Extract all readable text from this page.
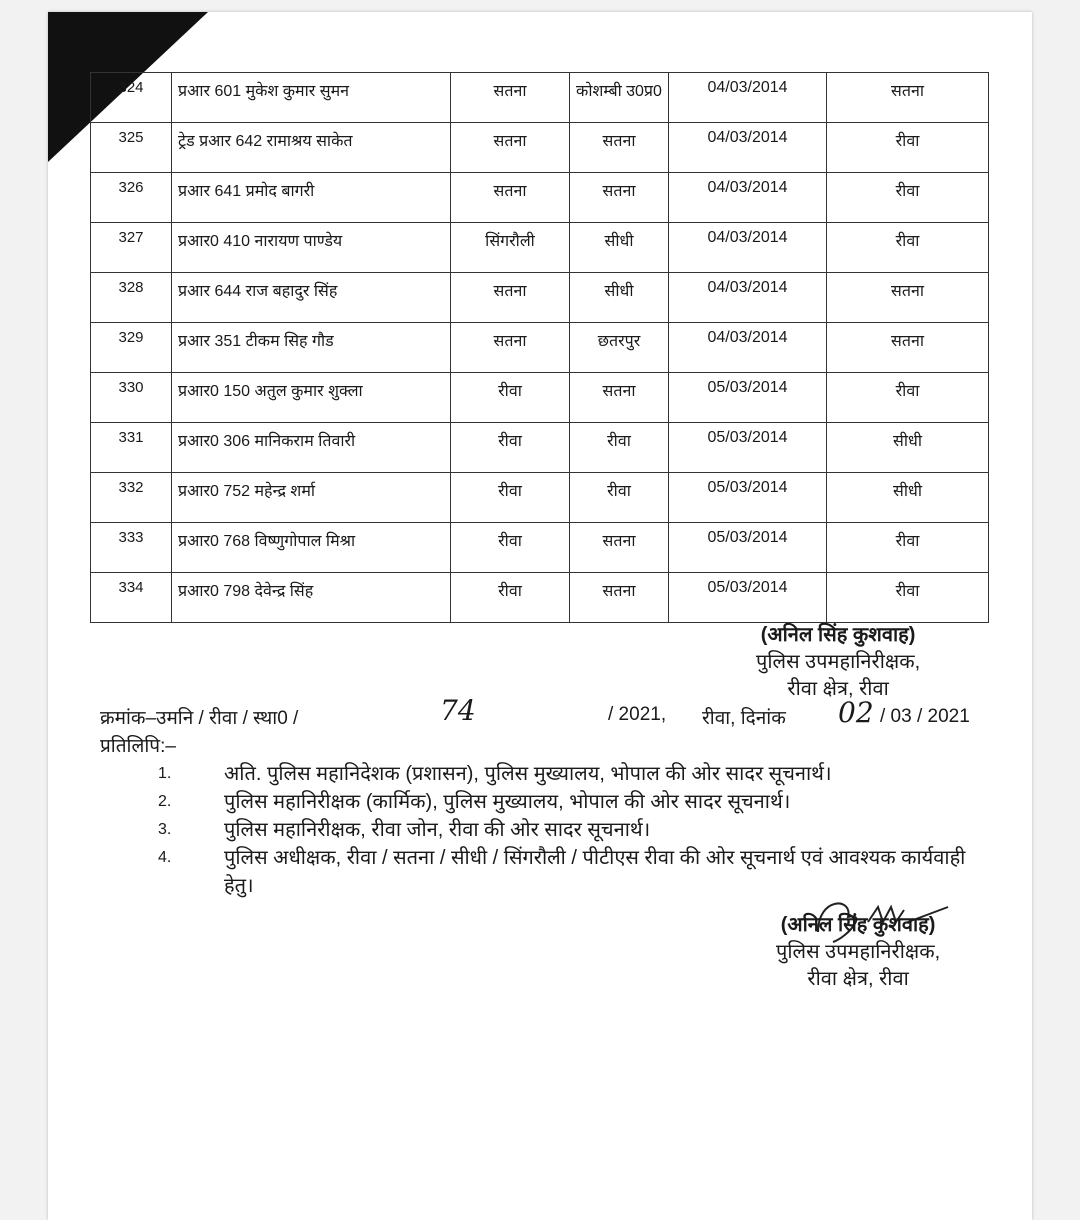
324	प्रआर 601 मुकेश कुमार सुमन	सतना	कोशम्बी उ0प्र0	04/03/2014	सतना
325	ट्रेड प्रआर 642 रामाश्रय साकेत	सतना	सतना	04/03/2014	रीवा
326	प्रआर 641 प्रमोद बागरी	सतना	सतना	04/03/2014	रीवा
327	प्रआर0 410 नारायण पाण्डेय	सिंगरौली	सीधी	04/03/2014	रीवा
328	प्रआर 644 राज बहादुर सिंह	सतना	सीधी	04/03/2014	सतना
329	प्रआर 351 टीकम सिह गौड	सतना	छतरपुर	04/03/2014	सतना
330	प्रआर0 150 अतुल कुमार शुक्ला	रीवा	सतना	05/03/2014	रीवा
331	प्रआर0 306 मानिकराम तिवारी	रीवा	रीवा	05/03/2014	सीधी
332	प्रआर0 752 महेन्द्र शर्मा	रीवा	रीवा	05/03/2014	सीधी
333	प्रआर0 768 विष्णुगोपाल मिश्रा	रीवा	सतना	05/03/2014	रीवा
334	प्रआर0 798 देवेन्द्र सिंह	रीवा	सतना	05/03/2014	रीवा
(अनिल सिंह कुशवाह)
पुलिस उपमहानिरीक्षक,
रीवा क्षेत्र, रीवा
क्रमांक–उमनि / रीवा / स्था0 /	74	/ 2021, रीवा, दिनांक 02 / 03 / 2021
प्रतिलिपि:–
1.	अति. पुलिस महानिदेशक (प्रशासन), पुलिस मुख्यालय, भोपाल की ओर सादर सूचनार्थ।
2.	पुलिस महानिरीक्षक (कार्मिक), पुलिस मुख्यालय, भोपाल की ओर सादर सूचनार्थ।
3.	पुलिस महानिरीक्षक, रीवा जोन, रीवा की ओर सादर सूचनार्थ।
4.	पुलिस अधीक्षक, रीवा / सतना / सीधी / सिंगरौली / पीटीएस रीवा की ओर सूचनार्थ एवं आवश्यक कार्यवाही हेतु।
(अनिल सिंह कुशवाह)
पुलिस उपमहानिरीक्षक,
रीवा क्षेत्र, रीवा
